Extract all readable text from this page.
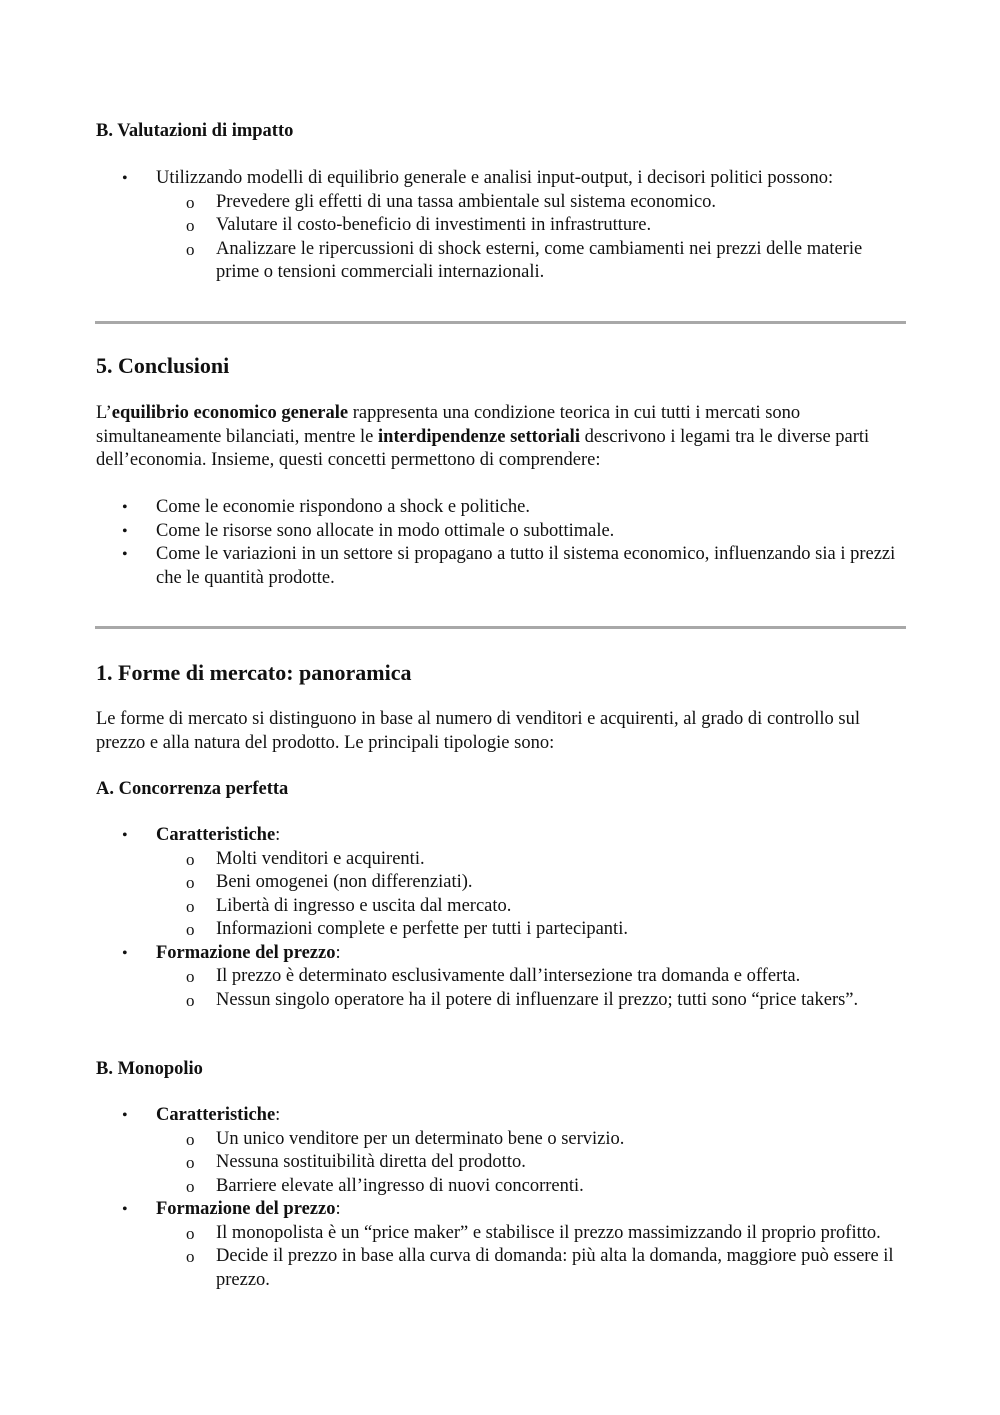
B. Valutazioni di impatto

• Utilizzando modelli di equilibrio generale e analisi input-output, i decisori politici possono:
o Prevedere gli effetti di una tassa ambientale sul sistema economico.
o Valutare il costo-beneficio di investimenti in infrastrutture.
o Analizzare le ripercussioni di shock esterni, come cambiamenti nei prezzi delle materie prime o tensioni commerciali internazionali.

5. Conclusioni

L’equilibrio economico generale rappresenta una condizione teorica in cui tutti i mercati sono simultaneamente bilanciati, mentre le interdipendenze settoriali descrivono i legami tra le diverse parti dell’economia. Insieme, questi concetti permettono di comprendere:

• Come le economie rispondono a shock e politiche.
• Come le risorse sono allocate in modo ottimale o subottimale.
• Come le variazioni in un settore si propagano a tutto il sistema economico, influenzando sia i prezzi che le quantità prodotte.

1. Forme di mercato: panoramica

Le forme di mercato si distinguono in base al numero di venditori e acquirenti, al grado di controllo sul prezzo e alla natura del prodotto. Le principali tipologie sono:

A. Concorrenza perfetta

• Caratteristiche:
o Molti venditori e acquirenti.
o Beni omogenei (non differenziati).
o Libertà di ingresso e uscita dal mercato.
o Informazioni complete e perfette per tutti i partecipanti.
• Formazione del prezzo:
o Il prezzo è determinato esclusivamente dall’intersezione tra domanda e offerta.
o Nessun singolo operatore ha il potere di influenzare il prezzo; tutti sono “price takers”.

B. Monopolio

• Caratteristiche:
o Un unico venditore per un determinato bene o servizio.
o Nessuna sostituibilità diretta del prodotto.
o Barriere elevate all’ingresso di nuovi concorrenti.
• Formazione del prezzo:
o Il monopolista è un “price maker” e stabilisce il prezzo massimizzando il proprio profitto.
o Decide il prezzo in base alla curva di domanda: più alta la domanda, maggiore può essere il prezzo.
